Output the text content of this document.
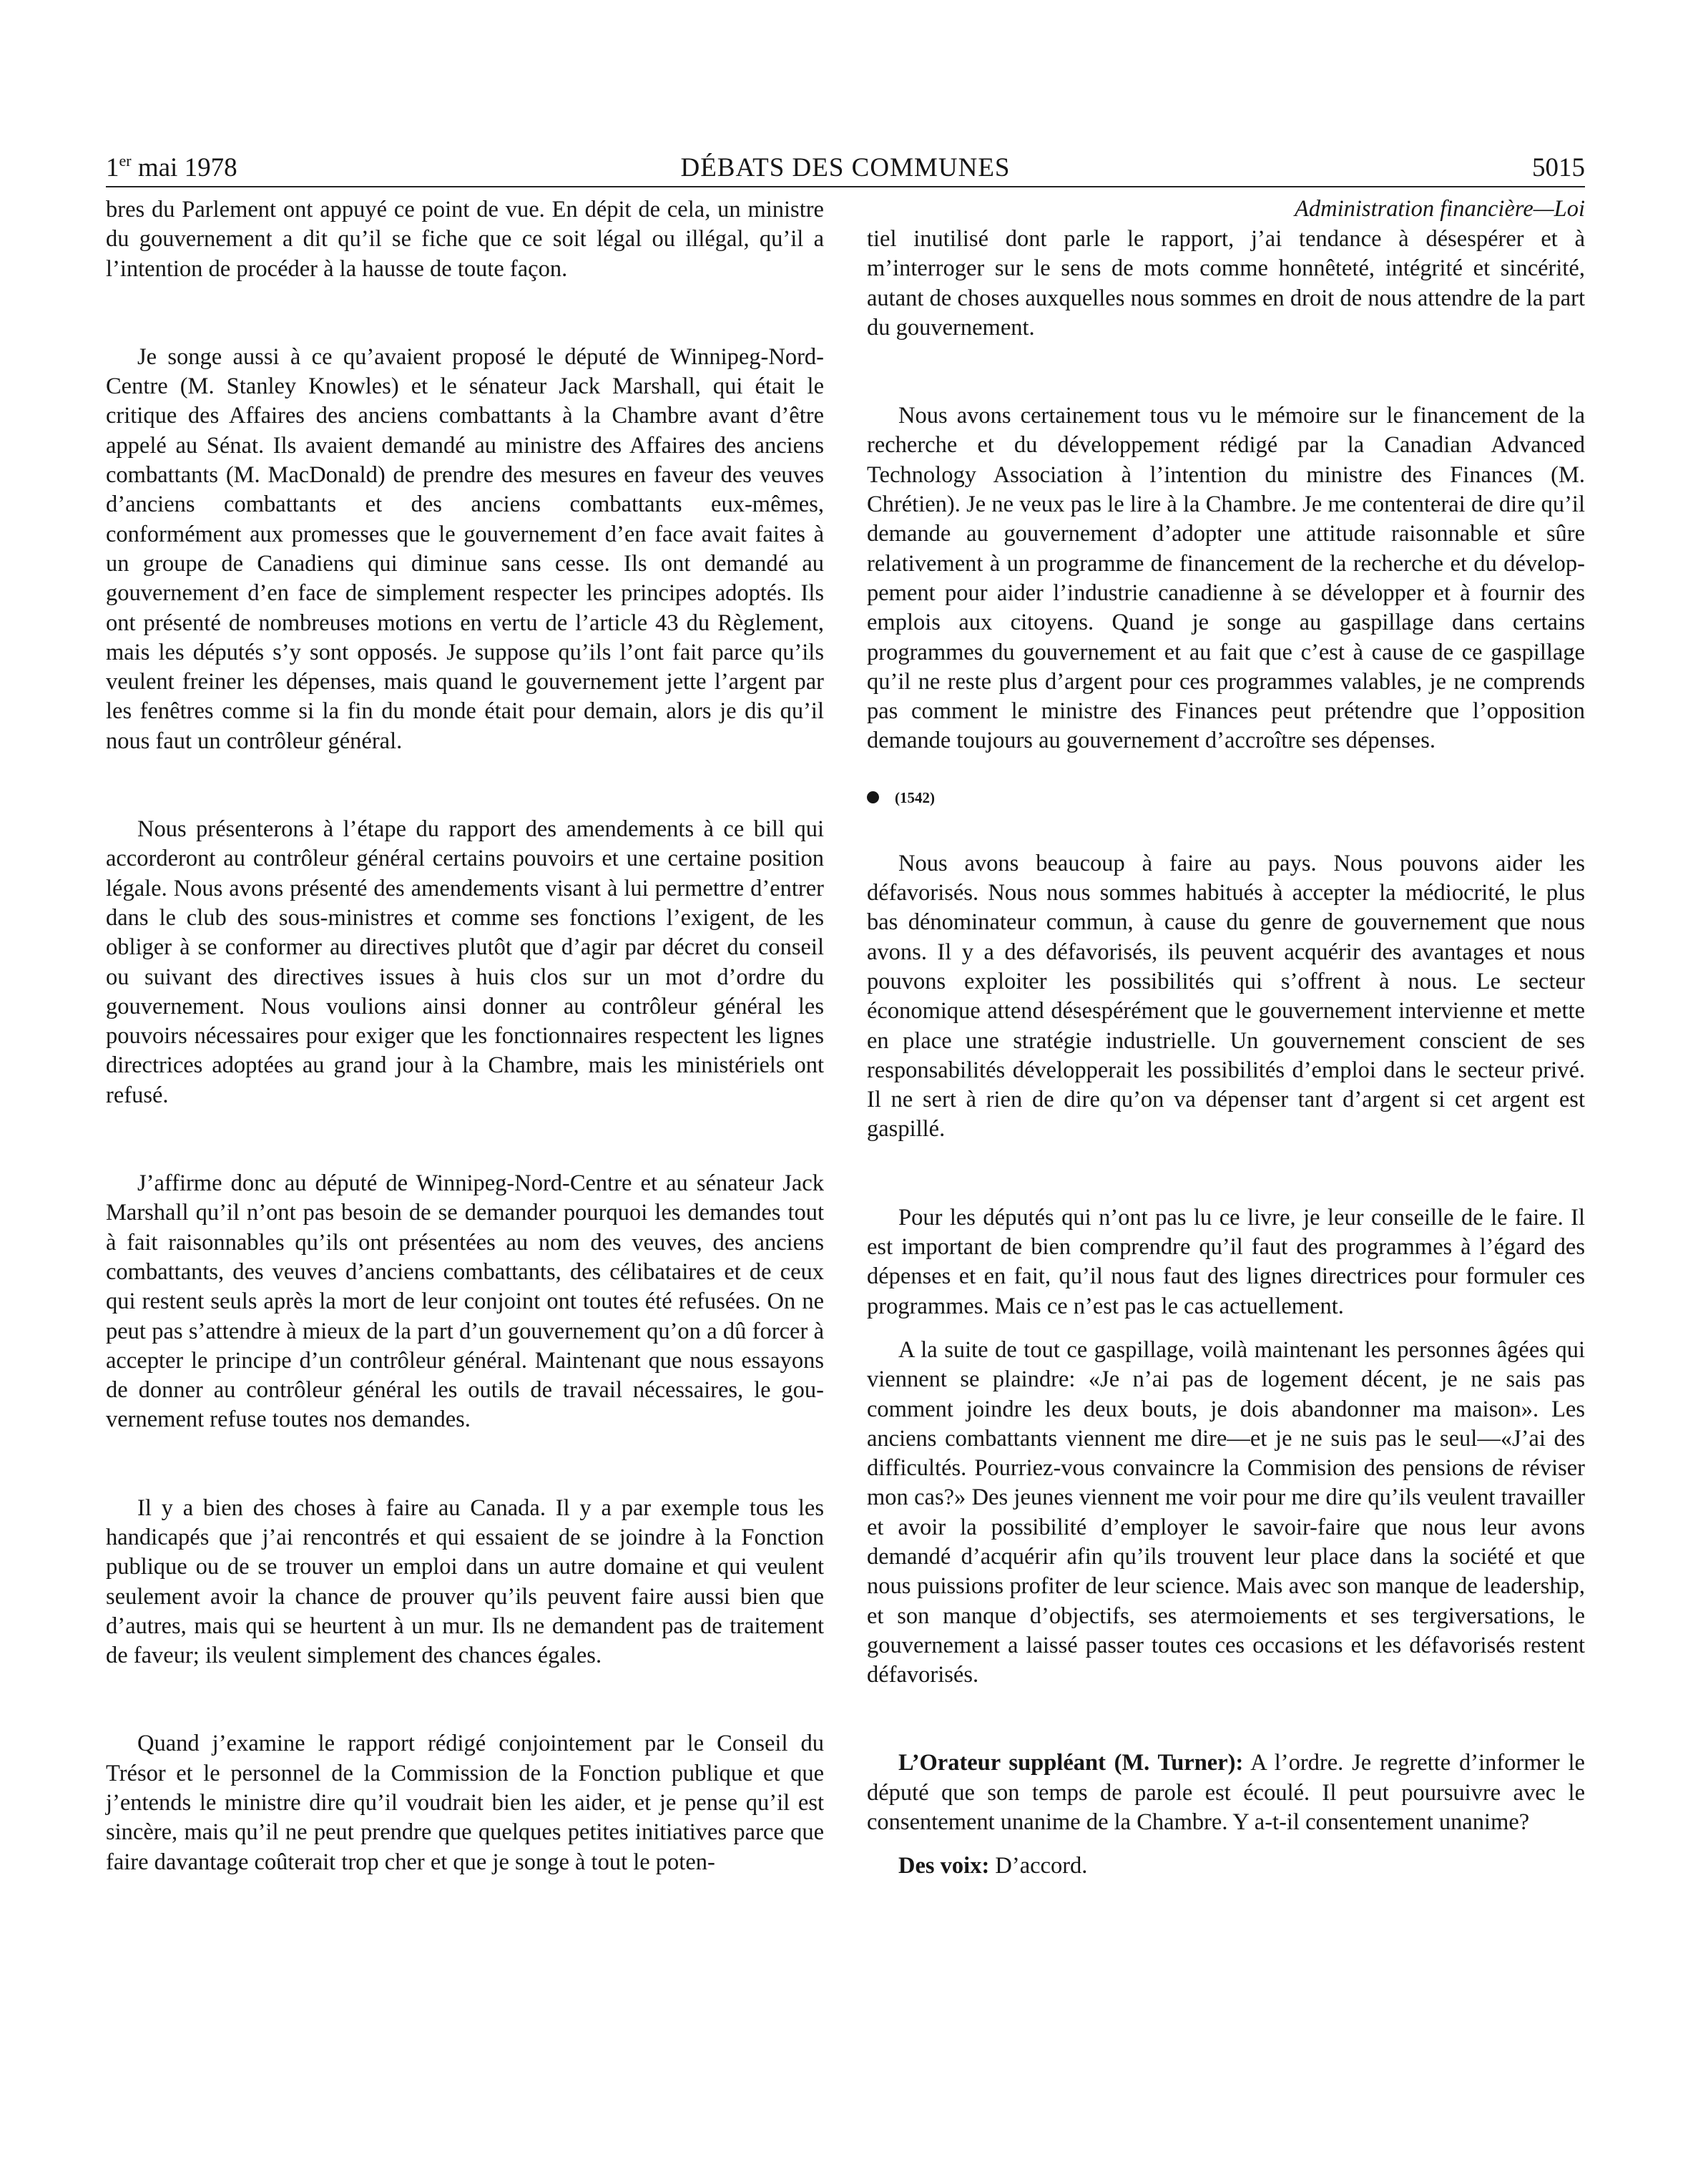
1er mai 1978	DÉBATS DES COMMUNES	5015

bres du Parlement ont appuyé ce point de vue. En dépit de cela, un ministre du gouvernement a dit qu’il se fiche que ce soit légal ou illégal, qu’il a l’intention de procéder à la hausse de toute façon.

Je songe aussi à ce qu’avaient proposé le député de Winnipeg-Nord-Centre (M. Stanley Knowles) et le sénateur Jack Marshall, qui était le critique des Affaires des anciens combattants à la Chambre avant d’être appelé au Sénat. Ils avaient demandé au ministre des Affaires des anciens combattants (M. MacDonald) de prendre des mesures en faveur des veuves d’anciens combattants et des anciens combattants eux-mêmes, conformément aux promesses que le gouvernement d’en face avait faites à un groupe de Canadiens qui diminue sans cesse. Ils ont demandé au gouvernement d’en face de simplement respecter les principes adoptés. Ils ont présenté de nombreuses motions en vertu de l’article 43 du Règlement, mais les députés s’y sont opposés. Je suppose qu’ils l’ont fait parce qu’ils veulent freiner les dépenses, mais quand le gouvernement jette l’argent par les fenêtres comme si la fin du monde était pour demain, alors je dis qu’il nous faut un contrôleur général.

Nous présenterons à l’étape du rapport des amendements à ce bill qui accorderont au contrôleur général certains pouvoirs et une certaine position légale. Nous avons présenté des amendements visant à lui permettre d’entrer dans le club des sous-ministres et comme ses fonctions l’exigent, de les obliger à se conformer au directives plutôt que d’agir par décret du conseil ou suivant des directives issues à huis clos sur un mot d’ordre du gouvernement. Nous voulions ainsi donner au contrôleur général les pouvoirs nécessaires pour exiger que les fonctionnaires respectent les lignes directrices adoptées au grand jour à la Chambre, mais les ministériels ont refusé.

J’affirme donc au député de Winnipeg-Nord-Centre et au sénateur Jack Marshall qu’il n’ont pas besoin de se demander pourquoi les demandes tout à fait raisonnables qu’ils ont présentées au nom des veuves, des anciens combattants, des veuves d’anciens combattants, des célibataires et de ceux qui restent seuls après la mort de leur conjoint ont toutes été refusées. On ne peut pas s’attendre à mieux de la part d’un gouvernement qu’on a dû forcer à accepter le principe d’un contrôleur général. Maintenant que nous essayons de donner au contrôleur général les outils de travail nécessaires, le gouvernement refuse toutes nos demandes.

Il y a bien des choses à faire au Canada. Il y a par exemple tous les handicapés que j’ai rencontrés et qui essaient de se joindre à la Fonction publique ou de se trouver un emploi dans un autre domaine et qui veulent seulement avoir la chance de prouver qu’ils peuvent faire aussi bien que d’autres, mais qui se heurtent à un mur. Ils ne demandent pas de traitement de faveur; ils veulent simplement des chances égales.

Quand j’examine le rapport rédigé conjointement par le Conseil du Trésor et le personnel de la Commission de la Fonction publique et que j’entends le ministre dire qu’il voudrait bien les aider, et je pense qu’il est sincère, mais qu’il ne peut prendre que quelques petites initiatives parce que faire davantage coûterait trop cher et que je songe à tout le poten-

Administration financière—Loi

tiel inutilisé dont parle le rapport, j’ai tendance à désespérer et à m’interroger sur le sens de mots comme honnêteté, intégrité et sincérité, autant de choses auxquelles nous sommes en droit de nous attendre de la part du gouvernement.

Nous avons certainement tous vu le mémoire sur le financement de la recherche et du développement rédigé par la Canadian Advanced Technology Association à l’intention du ministre des Finances (M. Chrétien). Je ne veux pas le lire à la Chambre. Je me contenterai de dire qu’il demande au gouvernement d’adopter une attitude raisonnable et sûre relativement à un programme de financement de la recherche et du développement pour aider l’industrie canadienne à se développer et à fournir des emplois aux citoyens. Quand je songe au gaspillage dans certains programmes du gouvernement et au fait que c’est à cause de ce gaspillage qu’il ne reste plus d’argent pour ces programmes valables, je ne comprends pas comment le ministre des Finances peut prétendre que l’opposition demande toujours au gouvernement d’accroître ses dépenses.

(1542)

Nous avons beaucoup à faire au pays. Nous pouvons aider les défavorisés. Nous nous sommes habitués à accepter la médiocrité, le plus bas dénominateur commun, à cause du genre de gouvernement que nous avons. Il y a des défavorisés, ils peuvent acquérir des avantages et nous pouvons exploiter les possibilités qui s’offrent à nous. Le secteur économique attend désespérément que le gouvernement intervienne et mette en place une stratégie industrielle. Un gouvernement conscient de ses responsabilités développerait les possibilités d’emploi dans le secteur privé. Il ne sert à rien de dire qu’on va dépenser tant d’argent si cet argent est gaspillé.

Pour les députés qui n’ont pas lu ce livre, je leur conseille de le faire. Il est important de bien comprendre qu’il faut des programmes à l’égard des dépenses et en fait, qu’il nous faut des lignes directrices pour formuler ces programmes. Mais ce n’est pas le cas actuellement.

A la suite de tout ce gaspillage, voilà maintenant les personnes âgées qui viennent se plaindre: «Je n’ai pas de logement décent, je ne sais pas comment joindre les deux bouts, je dois abandonner ma maison». Les anciens combattants viennent me dire—et je ne suis pas le seul—«J’ai des difficultés. Pourriez-vous convaincre la Commision des pensions de réviser mon cas?» Des jeunes viennent me voir pour me dire qu’ils veulent travailler et avoir la possibilité d’employer le savoir-faire que nous leur avons demandé d’acquérir afin qu’ils trouvent leur place dans la société et que nous puissions profiter de leur science. Mais avec son manque de leadership, et son manque d’objectifs, ses atermoiements et ses tergiversations, le gouvernement a laissé passer toutes ces occasions et les défavorisés restent défavorisés.

L’Orateur suppléant (M. Turner): A l’ordre. Je regrette d’informer le député que son temps de parole est écoulé. Il peut poursuivre avec le consentement unanime de la Chambre. Y a-t-il consentement unanime?

Des voix: D’accord.
